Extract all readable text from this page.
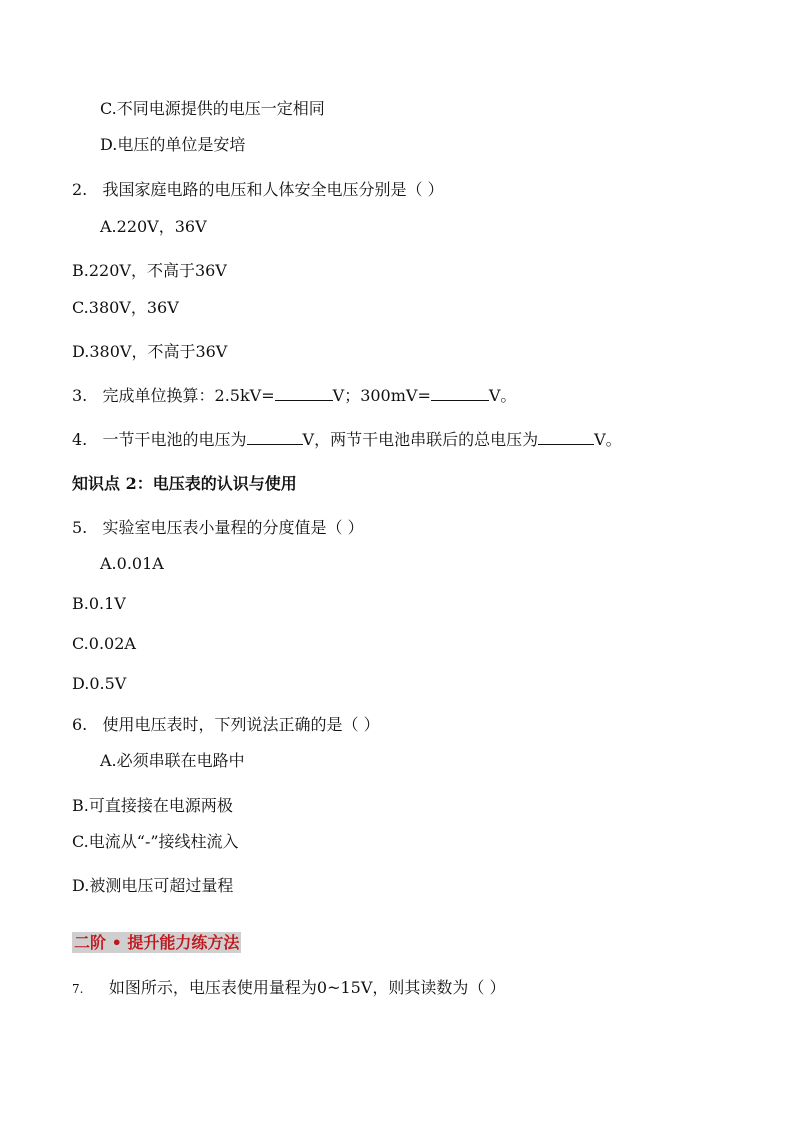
C.不同电源提供的电压一定相同
D.电压的单位是安培
2. 我国家庭电路的电压和人体安全电压分别是（ ）
A.220V，36V
B.220V，不高于36V
C.380V，36V
D.380V，不高于36V
3. 完成单位换算：2.5kV=	V；300mV=	V。
4. 一节干电池的电压为	V，两节干电池串联后的总电压为	V。
知识点 2：电压表的认识与使用
5. 实验室电压表小量程的分度值是（ ）
A.0.01A
B.0.1V
C.0.02A
D.0.5V
6. 使用电压表时，下列说法正确的是（ ）
A.必须串联在电路中
B.可直接接在电源两极
C.电流从“-”接线柱流入
D.被测电压可超过量程
二阶 • 提升能力练方法
7. 如图所示，电压表使用量程为0~15V，则其读数为（ ）
